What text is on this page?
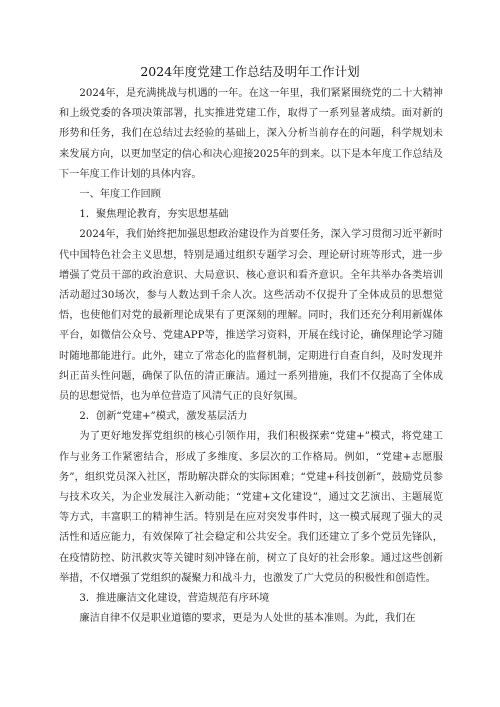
2024年度党建工作总结及明年工作计划

2024年，是充满挑战与机遇的一年。在这一年里，我们紧紧围绕党的二十大精神和上级党委的各项决策部署，扎实推进党建工作，取得了一系列显著成绩。面对新的形势和任务，我们在总结过去经验的基础上，深入分析当前存在的问题，科学规划未来发展方向，以更加坚定的信心和决心迎接2025年的到来。以下是本年度工作总结及下一年度工作计划的具体内容。

一、年度工作回顾

1．聚焦理论教育，夯实思想基础

2024年，我们始终把加强思想政治建设作为首要任务，深入学习贯彻习近平新时代中国特色社会主义思想，特别是通过组织专题学习会、理论研讨班等形式，进一步增强了党员干部的政治意识、大局意识、核心意识和看齐意识。全年共举办各类培训活动超过30场次，参与人数达到千余人次。这些活动不仅提升了全体成员的思想觉悟，也使他们对党的最新理论成果有了更深刻的理解。同时，我们还充分利用新媒体平台，如微信公众号、党建APP等，推送学习资料，开展在线讨论，确保理论学习随时随地都能进行。此外，建立了常态化的监督机制，定期进行自查自纠，及时发现并纠正苗头性问题，确保了队伍的清正廉洁。通过一系列措施，我们不仅提高了全体成员的思想觉悟，也为单位营造了风清气正的良好氛围。

2．创新“党建+”模式，激发基层活力

为了更好地发挥党组织的核心引领作用，我们积极探索“党建+”模式，将党建工作与业务工作紧密结合，形成了多维度、多层次的工作格局。例如，“党建+志愿服务”，组织党员深入社区，帮助解决群众的实际困难；“党建+科技创新”，鼓励党员参与技术攻关，为企业发展注入新动能；“党建+文化建设”，通过文艺演出、主题展览等方式，丰富职工的精神生活。特别是在应对突发事件时，这一模式展现了强大的灵活性和适应能力，有效保障了社会稳定和公共安全。我们还建立了多个党员先锋队，在疫情防控、防汛救灾等关键时刻冲锋在前，树立了良好的社会形象。通过这些创新举措，不仅增强了党组织的凝聚力和战斗力，也激发了广大党员的积极性和创造性。

3．推进廉洁文化建设，营造规范有序环境

廉洁自律不仅是职业道德的要求，更是为人处世的基本准则。为此，我们在
